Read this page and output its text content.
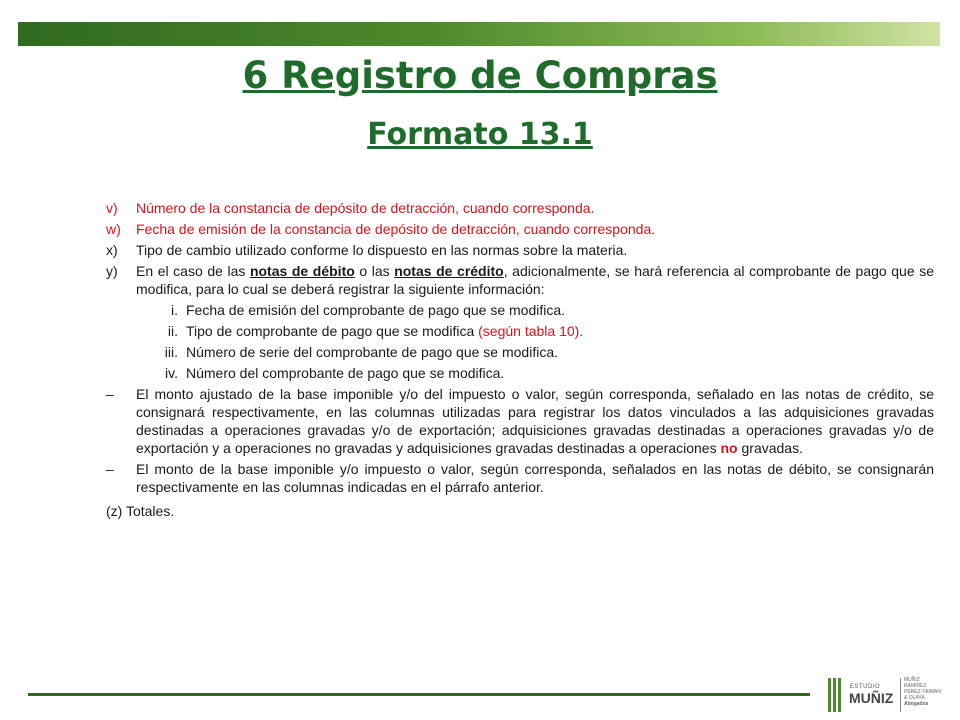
6 Registro de Compras
Formato 13.1
v)	Número de la constancia de depósito de detracción, cuando corresponda.
w)	Fecha de emisión de la constancia de depósito de detracción, cuando corresponda.
x)	Tipo de cambio utilizado conforme lo dispuesto en las normas sobre la materia.
y)	En el caso de las notas de débito o las notas de crédito, adicionalmente, se hará referencia al comprobante de pago que se modifica, para lo cual se deberá registrar la siguiente información:
i. Fecha de emisión del comprobante de pago que se modifica.
ii. Tipo de comprobante de pago que se modifica (según tabla 10).
iii. Número de serie del comprobante de pago que se modifica.
iv. Número del comprobante de pago que se modifica.
–	El monto ajustado de la base imponible y/o del impuesto o valor, según corresponda, señalado en las notas de crédito, se consignará respectivamente, en las columnas utilizadas para registrar los datos vinculados a las adquisiciones gravadas destinadas a operaciones gravadas y/o de exportación; adquisiciones gravadas destinadas a operaciones gravadas y/o de exportación y a operaciones no gravadas y adquisiciones gravadas destinadas a operaciones no gravadas.
–	El monto de la base imponible y/o impuesto o valor, según corresponda, señalados en las notas de débito, se consignarán respectivamente en las columnas indicadas en el párrafo anterior.
(z) Totales.
ESTUDIO
MUÑIZ
MUÑIZ
RAMÍREZ
PÉREZ-TAIMAN
& OLAYA
Abogados
